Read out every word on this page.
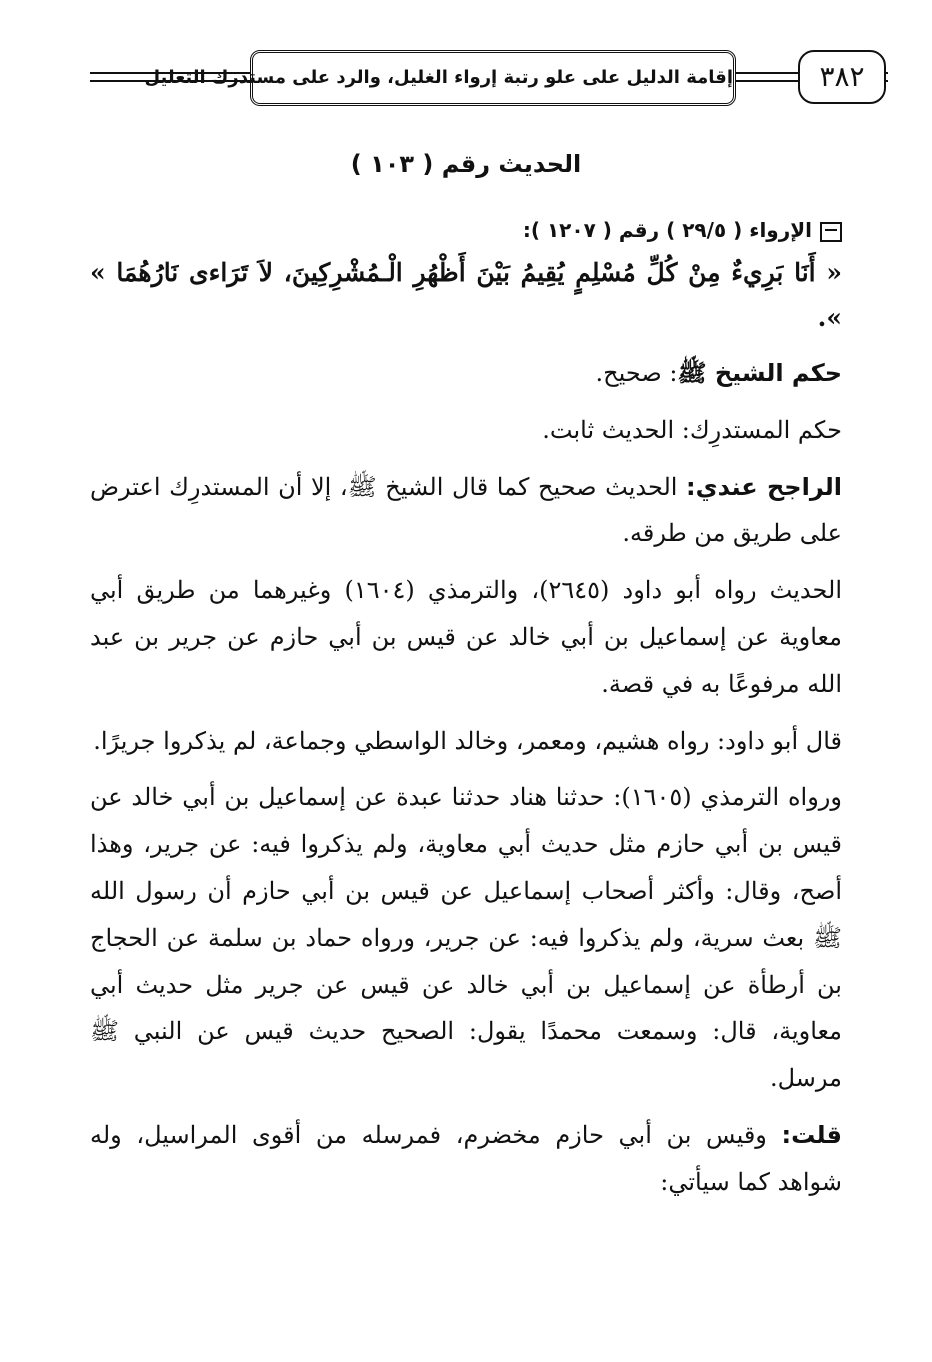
٣٨٢
إقامة الدليل على علو رتبة إرواء الغليل، والرد على مستدرك التعليل
الحديث رقم ( ١٠٣ )
الإرواء ( ٢٩/٥ ) رقم ( ١٢٠٧ ):

« أَنَا بَرِيءٌ مِنْ كُلِّ مُسْلِمٍ يُقِيمُ بَيْنَ أَظْهُرِ الْـمُشْرِكِينَ، لاَ تَرَاءى نَارُهُمَا » ».

حكم الشيخ ﷺ: صحيح.

حكم المستدرِك: الحديث ثابت.

الراجح عندي: الحديث صحيح كما قال الشيخ ﷺ، إلا أن المستدرِك اعترض على طريق من طرقه.

الحديث رواه أبو داود (٢٦٤٥)، والترمذي (١٦٠٤) وغيرهما من طريق أبي معاوية عن إسماعيل بن أبي خالد عن قيس بن أبي حازم عن جرير بن عبد الله مرفوعًا به في قصة.

قال أبو داود: رواه هشيم، ومعمر، وخالد الواسطي وجماعة، لم يذكروا جريرًا.

ورواه الترمذي (١٦٠٥): حدثنا هناد حدثنا عبدة عن إسماعيل بن أبي خالد عن قيس بن أبي حازم مثل حديث أبي معاوية، ولم يذكروا فيه: عن جرير، وهذا أصح، وقال: وأكثر أصحاب إسماعيل عن قيس بن أبي حازم أن رسول الله ﷺ بعث سرية، ولم يذكروا فيه: عن جرير، ورواه حماد بن سلمة عن الحجاج بن أرطأة عن إسماعيل بن أبي خالد عن قيس عن جرير مثل حديث أبي معاوية، قال: وسمعت محمدًا يقول: الصحيح حديث قيس عن النبي ﷺ مرسل.

قلت: وقيس بن أبي حازم مخضرم، فمرسله من أقوى المراسيل، وله شواهد كما سيأتي:
